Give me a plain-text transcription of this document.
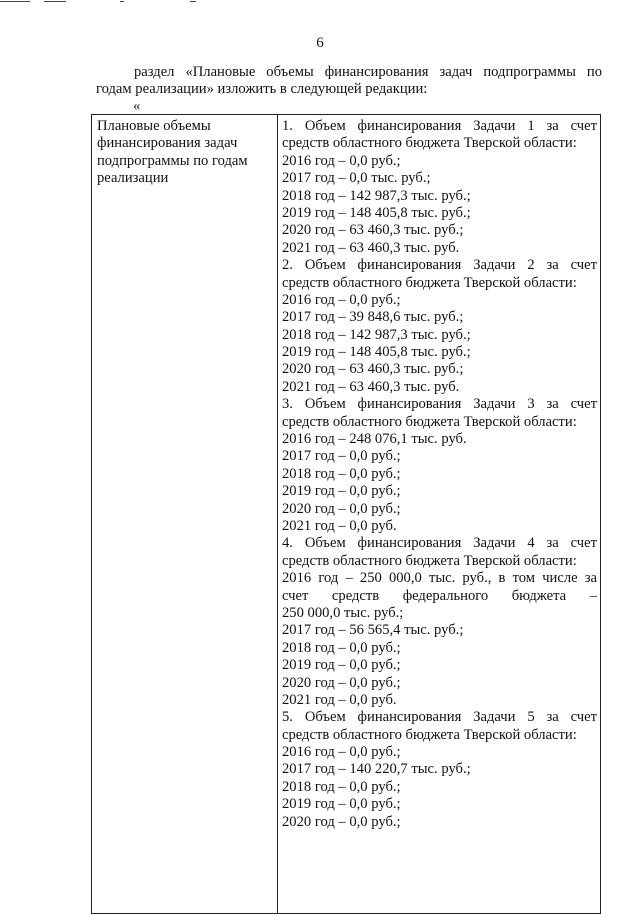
6
раздел «Плановые объемы финансирования задач подпрограммы по
годам реализации» изложить в следующей редакции:
«
Плановые объемы
финансирования задач
подпрограммы по годам
реализации
1. Объем финансирования Задачи 1 за счет
средств областного бюджета Тверской области:
2016 год – 0,0 руб.;
2017 год – 0,0 тыс. руб.;
2018 год – 142 987,3 тыс. руб.;
2019 год – 148 405,8 тыс. руб.;
2020 год – 63 460,3 тыс. руб.;
2021 год – 63 460,3 тыс. руб.
2. Объем финансирования Задачи 2 за счет
средств областного бюджета Тверской области:
2016 год – 0,0 руб.;
2017 год – 39 848,6 тыс. руб.;
2018 год – 142 987,3 тыс. руб.;
2019 год – 148 405,8 тыс. руб.;
2020 год – 63 460,3 тыс. руб.;
2021 год – 63 460,3 тыс. руб.
3. Объем финансирования Задачи 3 за счет
средств областного бюджета Тверской области:
2016 год – 248 076,1 тыс. руб.
2017 год – 0,0 руб.;
2018 год – 0,0 руб.;
2019 год – 0,0 руб.;
2020 год – 0,0 руб.;
2021 год – 0,0 руб.
4. Объем финансирования Задачи 4 за счет
средств областного бюджета Тверской области:
2016 год – 250 000,0 тыс. руб., в том числе за
счет средств федерального бюджета –
250 000,0 тыс. руб.;
2017 год – 56 565,4 тыс. руб.;
2018 год – 0,0 руб.;
2019 год – 0,0 руб.;
2020 год – 0,0 руб.;
2021 год – 0,0 руб.
5. Объем финансирования Задачи 5 за счет
средств областного бюджета Тверской области:
2016 год – 0,0 руб.;
2017 год – 140 220,7 тыс. руб.;
2018 год – 0,0 руб.;
2019 год – 0,0 руб.;
2020 год – 0,0 руб.;
